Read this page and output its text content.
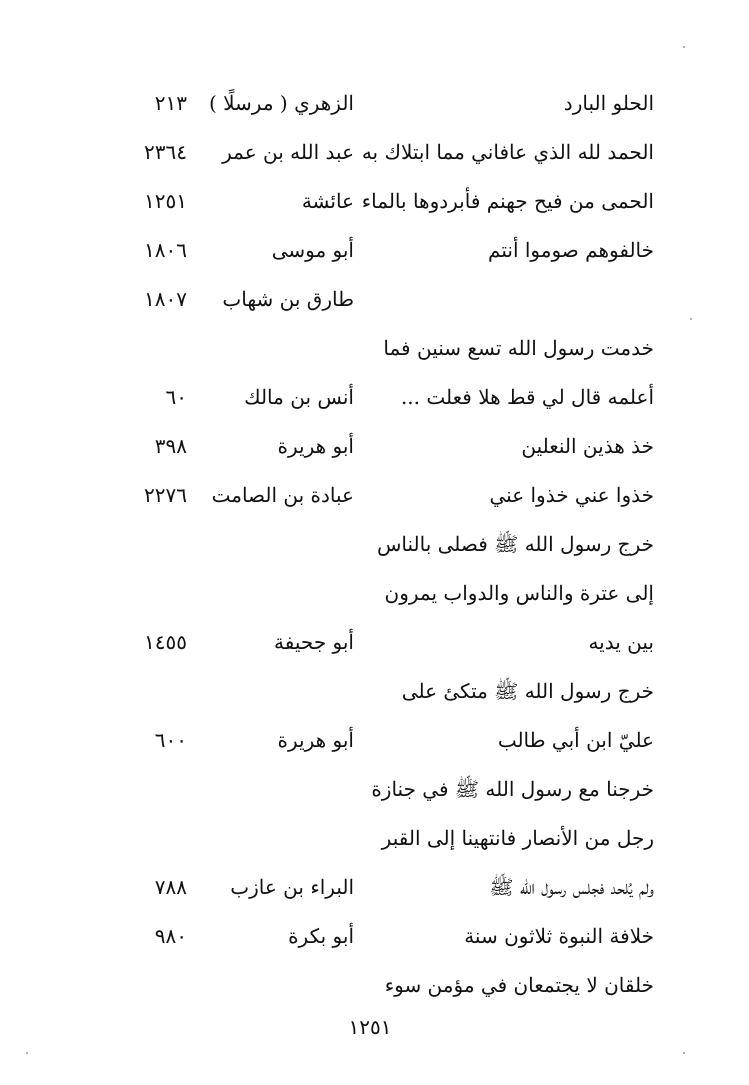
الحلو البارد
الزهري ( مرسلًا )
٢١٣
الحمد لله الذي عافاني مما ابتلاك به
عبد الله بن عمر
٢٣٦٤
الحمى من فيح جهنم فأبردوها بالماء
عائشة
١٢٥١
خالفوهم صوموا أنتم
أبو موسى
١٨٠٦
طارق بن شهاب
١٨٠٧
خدمت رسول الله تسع سنين فما
أعلمه قال لي قط هلا فعلت ...
أنس بن مالك
٦٠
خذ هذين النعلين
أبو هريرة
٣٩٨
خذوا عني خذوا عني
عبادة بن الصامت
٢٢٧٦
خرج رسول الله ﷺ فصلى بالناس
إلى عترة والناس والدواب يمرون
بين يديه
أبو جحيفة
١٤٥٥
خرج رسول الله ﷺ متكئ على
عليّ ابن أبي طالب
أبو هريرة
٦٠٠
خرجنا مع رسول الله ﷺ في جنازة
رجل من الأنصار فانتهينا إلى القبر
ولم يُلحد فجلس رسول الله ﷺ
البراء بن عازب
٧٨٨
خلافة النبوة ثلاثون سنة
أبو بكرة
٩٨٠
خلقان لا يجتمعان في مؤمن سوء
١٢٥١
